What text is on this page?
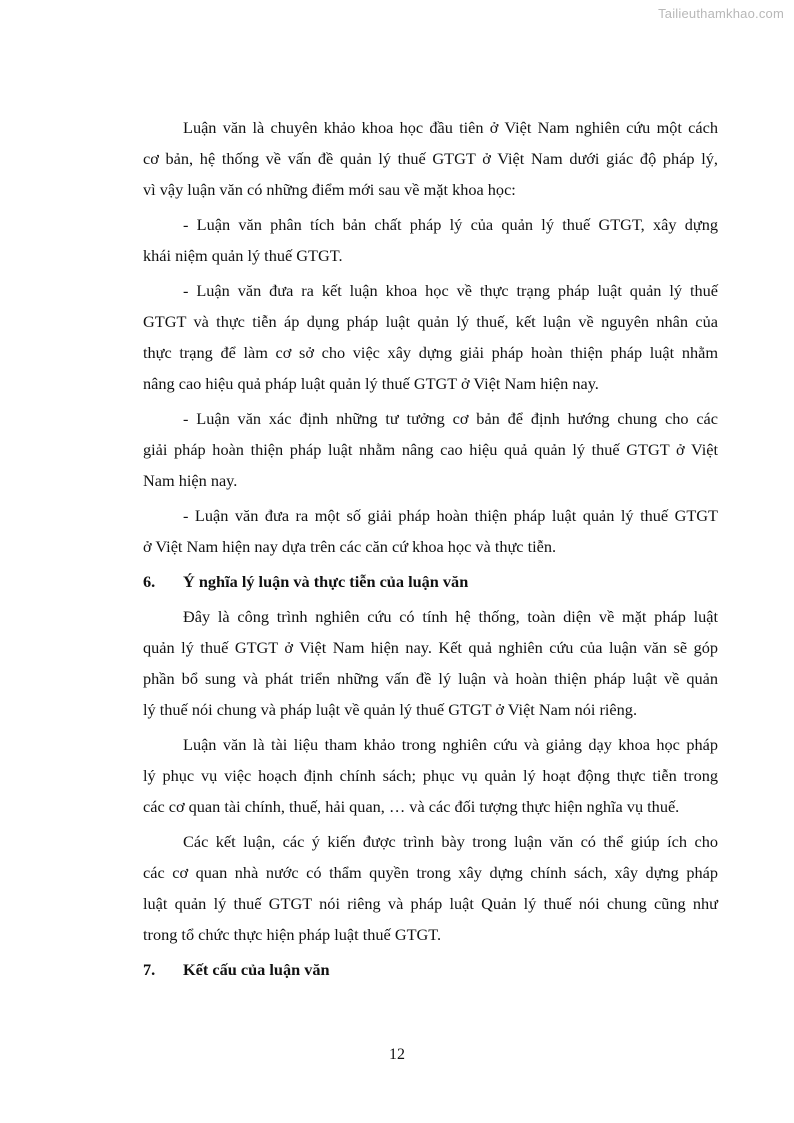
Tailieuthamkhao.com

Luận văn là chuyên khảo khoa học đầu tiên ở Việt Nam nghiên cứu một cách
cơ bản, hệ thống về vấn đề quản lý thuế GTGT ở Việt Nam dưới giác độ pháp lý,
vì vậy luận văn có những điểm mới sau về mặt khoa học:

- Luận văn phân tích bản chất pháp lý của quản lý thuế GTGT, xây dựng
khái niệm quản lý thuế GTGT.

- Luận văn đưa ra kết luận khoa học về thực trạng pháp luật quản lý thuế
GTGT và thực tiễn áp dụng pháp luật quản lý thuế, kết luận về nguyên nhân của
thực trạng để làm cơ sở cho việc xây dựng giải pháp hoàn thiện pháp luật nhằm
nâng cao hiệu quả pháp luật quản lý thuế GTGT ở Việt Nam hiện nay.

- Luận văn xác định những tư tưởng cơ bản để định hướng chung cho các
giải pháp hoàn thiện pháp luật nhằm nâng cao hiệu quả quản lý thuế GTGT ở Việt
Nam hiện nay.

- Luận văn đưa ra một số giải pháp hoàn thiện pháp luật quản lý thuế GTGT
ở Việt Nam hiện nay dựa trên các căn cứ khoa học và thực tiễn.

6.	Ý nghĩa lý luận và thực tiễn của luận văn

Đây là công trình nghiên cứu có tính hệ thống, toàn diện về mặt pháp luật
quản lý thuế GTGT ở Việt Nam hiện nay. Kết quả nghiên cứu của luận văn sẽ góp
phần bổ sung và phát triển những vấn đề lý luận và hoàn thiện pháp luật về quản
lý thuế nói chung và pháp luật về quản lý thuế GTGT ở Việt Nam nói riêng.

Luận văn là tài liệu tham khảo trong nghiên cứu và giảng dạy khoa học pháp
lý phục vụ việc hoạch định chính sách; phục vụ quản lý hoạt động thực tiễn trong
các cơ quan tài chính, thuế, hải quan, … và các đối tượng thực hiện nghĩa vụ thuế.

Các kết luận, các ý kiến được trình bày trong luận văn có thể giúp ích cho
các cơ quan nhà nước có thẩm quyền trong xây dựng chính sách, xây dựng pháp
luật quản lý thuế GTGT nói riêng và pháp luật Quản lý thuế nói chung cũng như
trong tổ chức thực hiện pháp luật thuế GTGT.

7.	Kết cấu của luận văn
12
